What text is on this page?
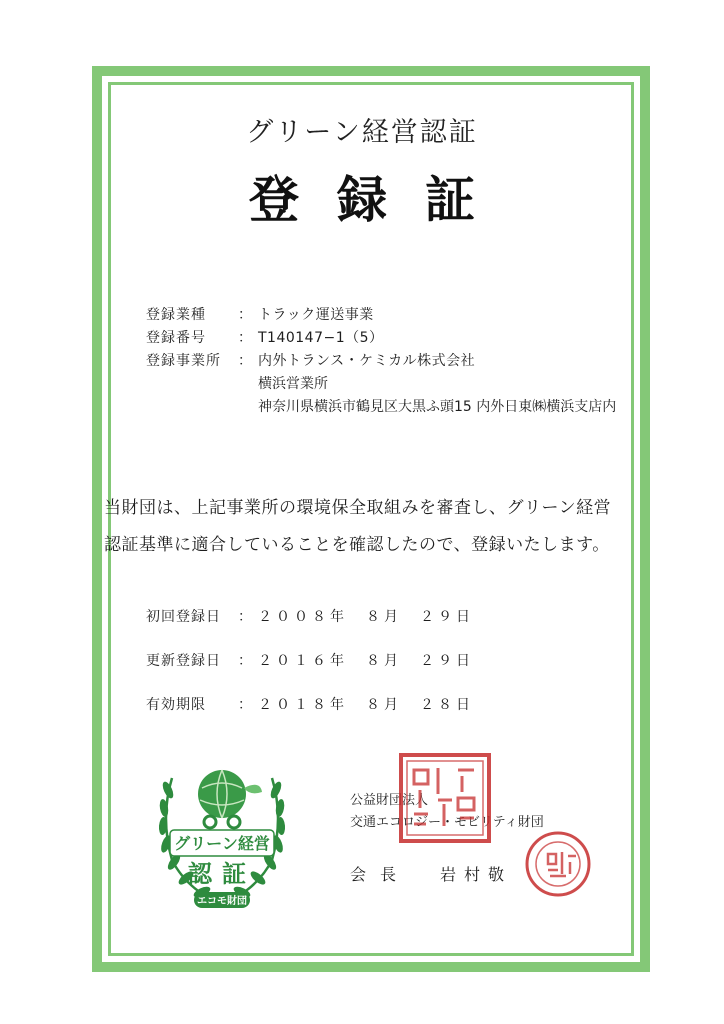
グリーン経営認証
登録証
登録業種	： トラック運送事業
登録番号	： T140147−1（5）
登録事業所	： 内外トランス・ケミカル株式会社
横浜営業所
神奈川県横浜市鶴見区大黒ふ頭15 内外日東㈱横浜支店内
当財団は、上記事業所の環境保全取組みを審査し、グリーン経営
認証基準に適合していることを確認したので、登録いたします。
初回登録日	： ２００８年　８月　２９日
更新登録日	： ２０１６年　８月　２９日
有効期限	： ２０１８年　８月　２８日
グリーン経営
認証
エコモ財団
公益財団法人
交通エコロジー・モビリティ財団
会長 岩村敬
